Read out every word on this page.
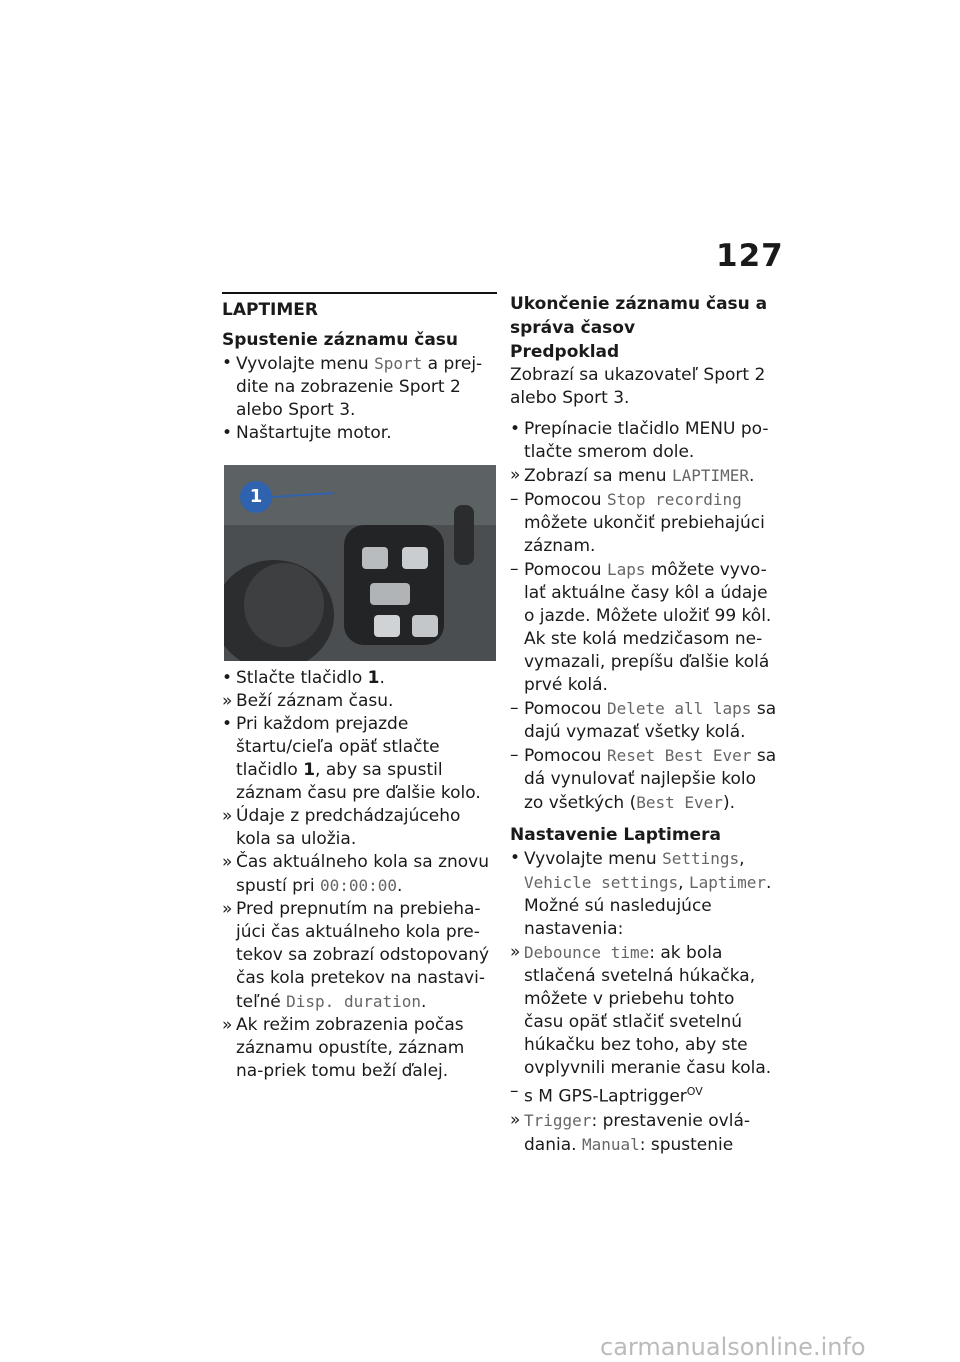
127
LAPTIMER
Spustenie záznamu času
• Vyvolajte menu Sport a prej-dite na zobrazenie Sport 2 alebo Sport 3.
• Naštartujte motor.
1
• Stlačte tlačidlo 1.
» Beží záznam času.
• Pri každom prejazde štartu/cieľa opäť stlačte tlačidlo 1, aby sa spustil záznam času pre ďalšie kolo.
» Údaje z predchádzajúceho kola sa uložia.
» Čas aktuálneho kola sa znovu spustí pri 00:00:00.
» Pred prepnutím na prebieha-júci čas aktuálneho kola pre-tekov sa zobrazí odstopovaný čas kola pretekov na nastavi-teľné Disp. duration.
» Ak režim zobrazenia počas záznamu opustíte, záznam na-priek tomu beží ďalej.
Ukončenie záznamu času a správa časov
Predpoklad
Zobrazí sa ukazovateľ Sport 2 alebo Sport 3.
• Prepínacie tlačidlo MENU po-tlačte smerom dole.
» Zobrazí sa menu LAPTIMER.
– Pomocou Stop recording môžete ukončiť prebiehajúci záznam.
– Pomocou Laps môžete vyvo-lať aktuálne časy kôl a údaje o jazde. Môžete uložiť 99 kôl. Ak ste kolá medzičasom ne-vymazali, prepíšu ďalšie kolá prvé kolá.
– Pomocou Delete all laps sa dajú vymazať všetky kolá.
– Pomocou Reset Best Ever sa dá vynulovať najlepšie kolo zo všetkých (Best Ever).
Nastavenie Laptimera
• Vyvolajte menu Settings, Vehicle settings, Laptimer. Možné sú nasledujúce nastavenia:
» Debounce time: ak bola stlačená svetelná húkačka, môžete v priebehu tohto času opäť stlačiť svetelnú húkačku bez toho, aby ste ovplyvnili meranie času kola.
– s M GPS-Laptrigger$^{OV}$
» Trigger: prestavenie ovlá-dania. Manual: spustenie
carmanualsonline.info
